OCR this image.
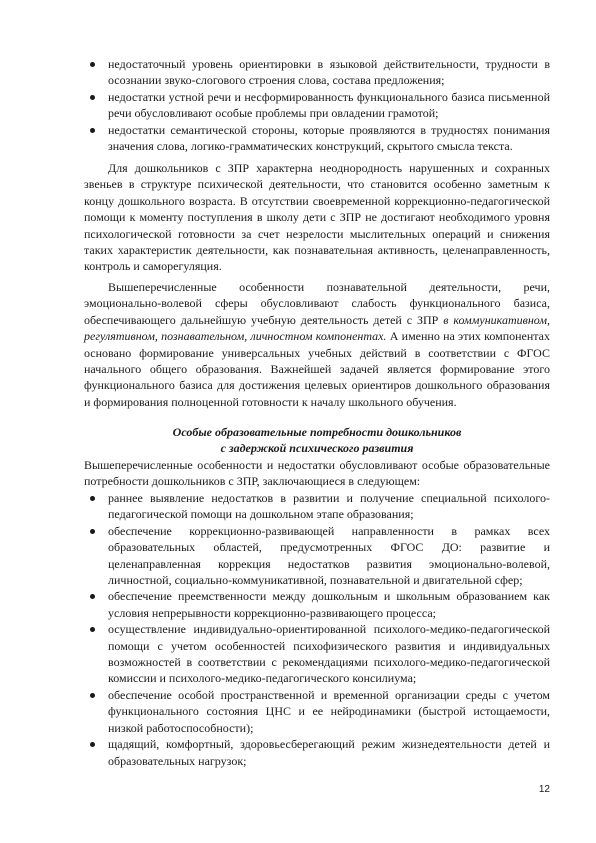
недостаточный уровень ориентировки в языковой действительности, трудности в осознании звуко-слогового строения слова, состава предложения;
недостатки устной речи и несформированность функционального базиса письменной речи обусловливают особые проблемы при овладении грамотой;
недостатки семантической стороны, которые проявляются в трудностях понимания значения слова, логико-грамматических конструкций, скрытого смысла текста.

Для дошкольников с ЗПР характерна неоднородность нарушенных и сохранных звеньев в структуре психической деятельности, что становится особенно заметным к концу дошкольного возраста. В отсутствии своевременной коррекционно-педагогической помощи к моменту поступления в школу дети с ЗПР не достигают необходимого уровня психологической готовности за счет незрелости мыслительных операций и снижения таких характеристик деятельности, как познавательная активность, целенаправленность, контроль и саморегуляция.

Вышеперечисленные особенности познавательной деятельности, речи, эмоционально-волевой сферы обусловливают слабость функционального базиса, обеспечивающего дальнейшую учебную деятельность детей с ЗПР в коммуникативном, регулятивном, познавательном, личностном компонентах. А именно на этих компонентах основано формирование универсальных учебных действий в соответствии с ФГОС начального общего образования. Важнейшей задачей является формирование этого функционального базиса для достижения целевых ориентиров дошкольного образования и формирования полноценной готовности к началу школьного обучения.

Особые образовательные потребности дошкольников
с задержкой психического развития

Вышеперечисленные особенности и недостатки обусловливают особые образовательные потребности дошкольников с ЗПР, заключающиеся в следующем:

раннее выявление недостатков в развитии и получение специальной психолого-педагогической помощи на дошкольном этапе образования;
обеспечение коррекционно-развивающей направленности в рамках всех образовательных областей, предусмотренных ФГОС ДО: развитие и целенаправленная коррекция недостатков развития эмоционально-волевой, личностной, социально-коммуникативной, познавательной и двигательной сфер;
обеспечение преемственности между дошкольным и школьным образованием как условия непрерывности коррекционно-развивающего процесса;
осуществление индивидуально-ориентированной психолого-медико-педагогической помощи с учетом особенностей психофизического развития и индивидуальных возможностей в соответствии с рекомендациями психолого-медико-педагогической комиссии и психолого-медико-педагогического консилиума;
обеспечение особой пространственной и временной организации среды с учетом функционального состояния ЦНС и ее нейродинамики (быстрой истощаемости, низкой работоспособности);
щадящий, комфортный, здоровьесберегающий режим жизнедеятельности детей и образовательных нагрузок;
12
